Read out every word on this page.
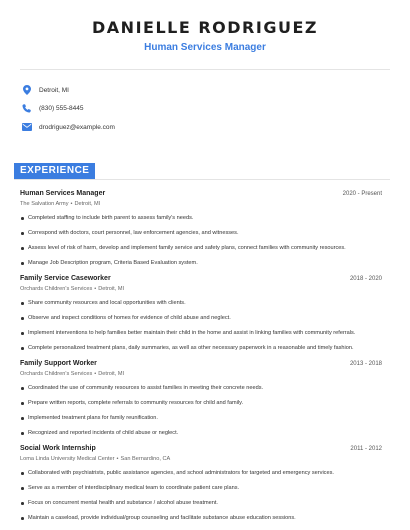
DANIELLE RODRIGUEZ
Human Services Manager
Detroit, MI
(830) 555-8445
drodriguez@example.com
EXPERIENCE
Human Services Manager	2020 - Present
The Salvation Army • Detroit, MI
Completed staffing to include birth parent to assess family's needs.
Correspond with doctors, court personnel, law enforcement agencies, and witnesses.
Assess level of risk of harm, develop and implement family service and safety plans, connect families with community resources.
Manage Job Description program, Criteria Based Evaluation system.
Family Service Caseworker	2018 - 2020
Orchards Children's Services • Detroit, MI
Share community resources and local opportunities with clients.
Observe and inspect conditions of homes for evidence of child abuse and neglect.
Implement interventions to help families better maintain their child in the home and assist in linking families with community referrals.
Complete personalized treatment plans, daily summaries, as well as other necessary paperwork in a reasonable and timely fashion.
Family Support Worker	2013 - 2018
Orchards Children's Services • Detroit, MI
Coordinated the use of community resources to assist families in meeting their concrete needs.
Prepare written reports, complete referrals to community resources for child and family.
Implemented treatment plans for family reunification.
Recognized and reported incidents of child abuse or neglect.
Social Work Internship	2011 - 2012
Loma Linda University Medical Center • San Bernardino, CA
Collaborated with psychiatrists, public assistance agencies, and school administrators for targeted and emergency services.
Serve as a member of interdisciplinary medical team to coordinate patient care plans.
Focus on concurrent mental health and substance / alcohol abuse treatment.
Maintain a caseload, provide individual/group counseling and facilitate substance abuse education sessions.
